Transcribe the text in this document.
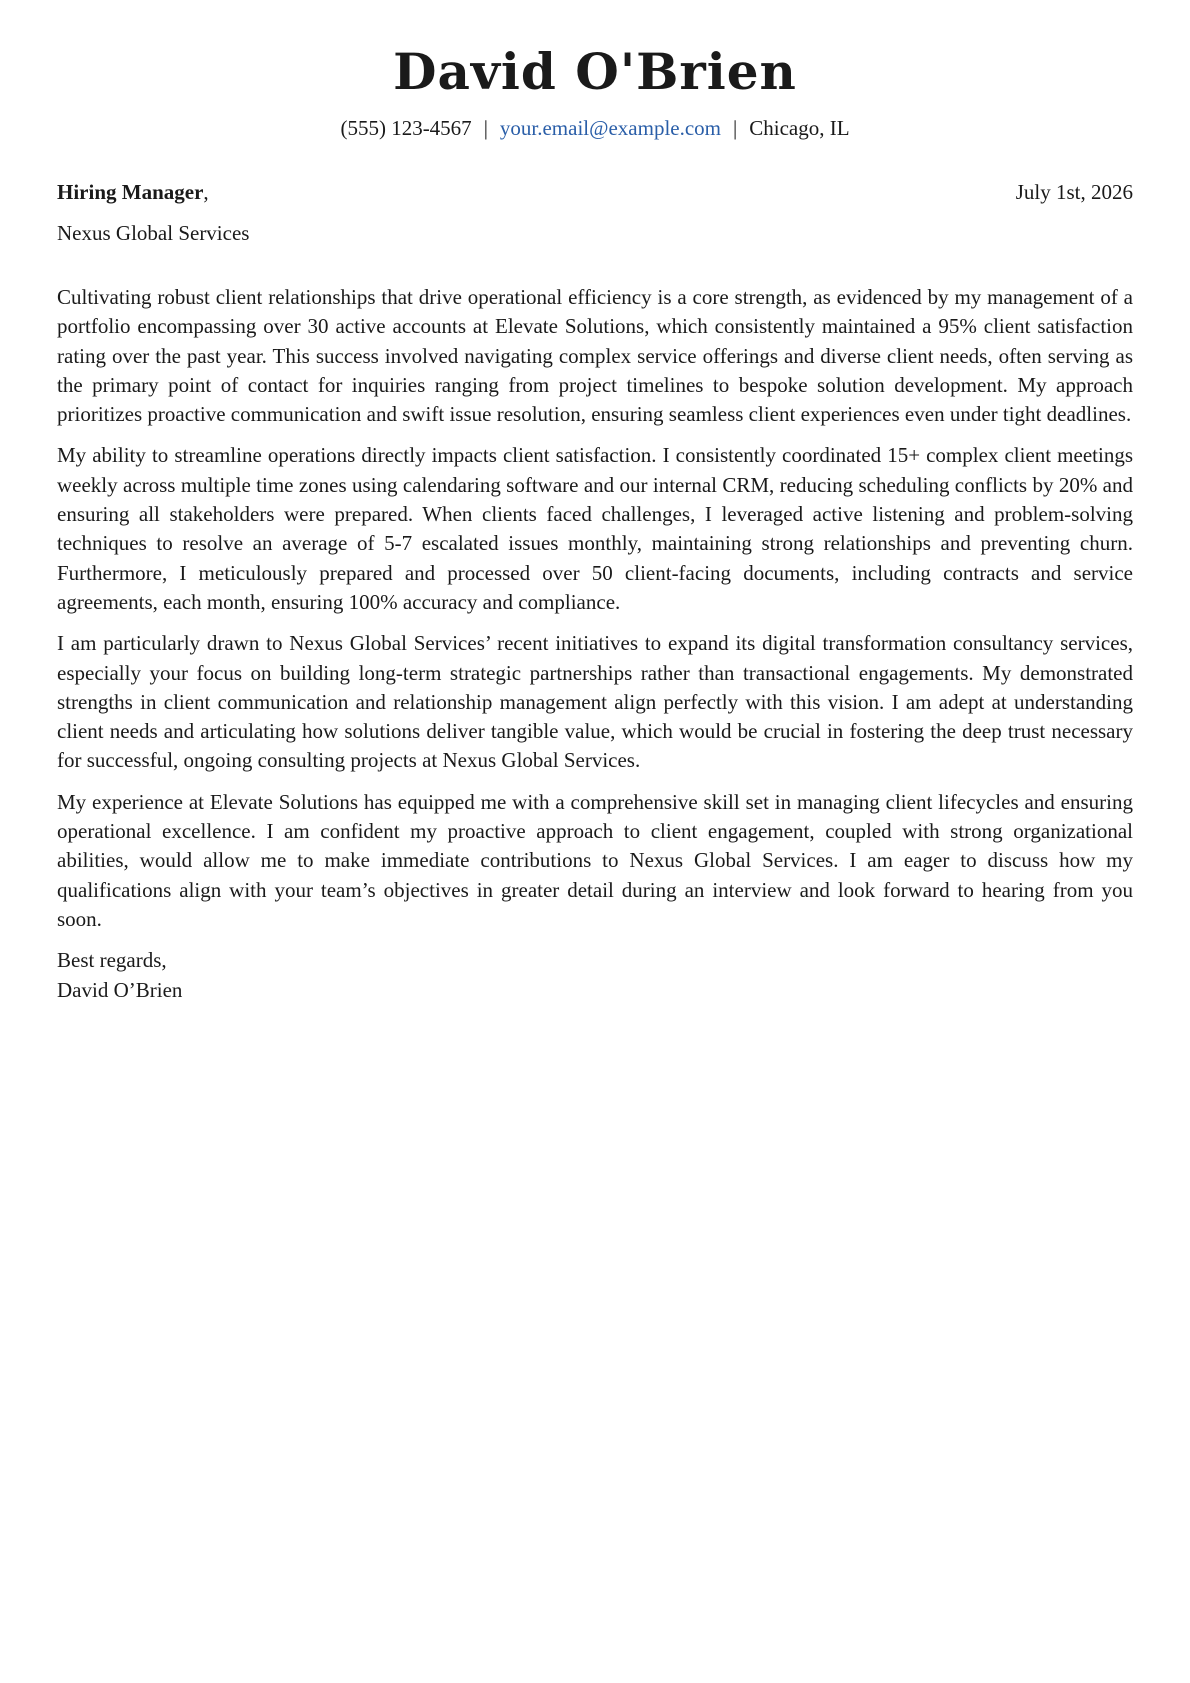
David O'Brien
(555) 123-4567 | your.email@example.com | Chicago, IL
Hiring Manager,	July 1st, 2026
Nexus Global Services

Cultivating robust client relationships that drive operational efficiency is a core strength, as evidenced by my management of a portfolio encompassing over 30 active accounts at Elevate Solutions, which consistently maintained a 95% client satisfaction rating over the past year. This success involved navigating complex service offerings and diverse client needs, often serving as the primary point of contact for inquiries ranging from project timelines to bespoke solution development. My approach prioritizes proactive communication and swift issue resolution, ensuring seamless client experiences even under tight deadlines.

My ability to streamline operations directly impacts client satisfaction. I consistently coordinated 15+ complex client meetings weekly across multiple time zones using calendaring software and our internal CRM, reducing scheduling conflicts by 20% and ensuring all stakeholders were prepared. When clients faced challenges, I leveraged active listening and problem-solving techniques to resolve an average of 5-7 escalated issues monthly, maintaining strong relationships and preventing churn. Furthermore, I meticulously prepared and processed over 50 client-facing documents, including contracts and service agreements, each month, ensuring 100% accuracy and compliance.

I am particularly drawn to Nexus Global Services’ recent initiatives to expand its digital transformation consultancy services, especially your focus on building long-term strategic partnerships rather than transactional engagements. My demonstrated strengths in client communication and relationship management align perfectly with this vision. I am adept at understanding client needs and articulating how solutions deliver tangible value, which would be crucial in fostering the deep trust necessary for successful, ongoing consulting projects at Nexus Global Services.

My experience at Elevate Solutions has equipped me with a comprehensive skill set in managing client lifecycles and ensuring operational excellence. I am confident my proactive approach to client engagement, coupled with strong organizational abilities, would allow me to make immediate contributions to Nexus Global Services. I am eager to discuss how my qualifications align with your team’s objectives in greater detail during an interview and look forward to hearing from you soon.

Best regards,
David O’Brien
